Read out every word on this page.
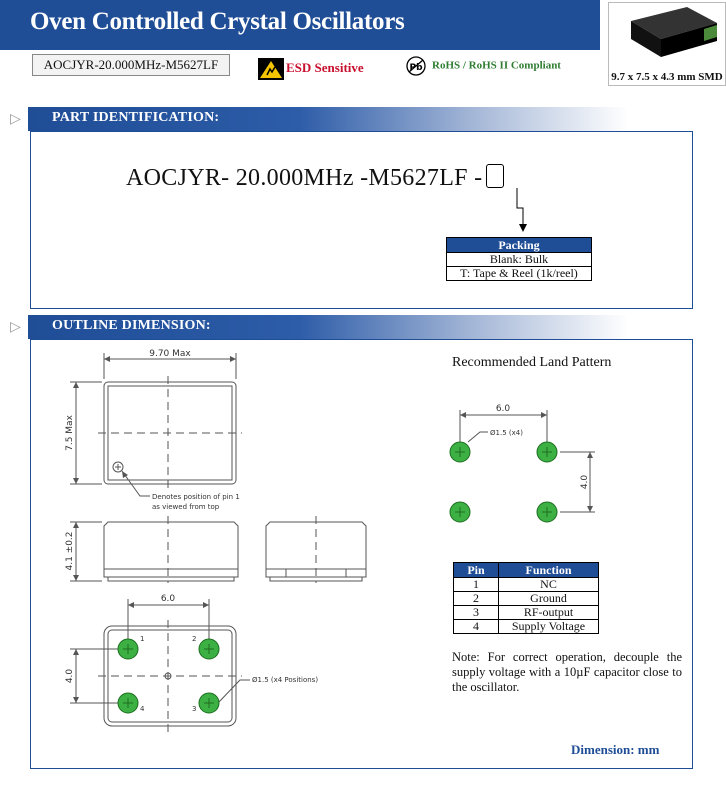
Oven Controlled Crystal Oscillators
9.7 x 7.5 x 4.3 mm SMD
AOCJYR-20.000MHz-M5627LF	ESD Sensitive	Pb RoHS / RoHS II Compliant
▷ PART IDENTIFICATION:
AOCJYR- 20.000MHz -M5627LF -
Packing
Blank: Bulk
T: Tape & Reel (1k/reel)
▷ OUTLINE DIMENSION:
9.70 Max
7.5 Max
4.1 ±0.2
Denotes position of pin 1
as viewed from top
6.0
4.0	Ø1.5 (x4 Positions)
1	2
3
4
Recommended Land Pattern
6.0
4.0
Ø1.5 (x4)
Pin	Function
1	NC
2	Ground
3	RF-output
4	Supply Voltage
Note: For correct operation, decouple the supply voltage with a 10µF capacitor close to the oscillator.
Dimension: mm
